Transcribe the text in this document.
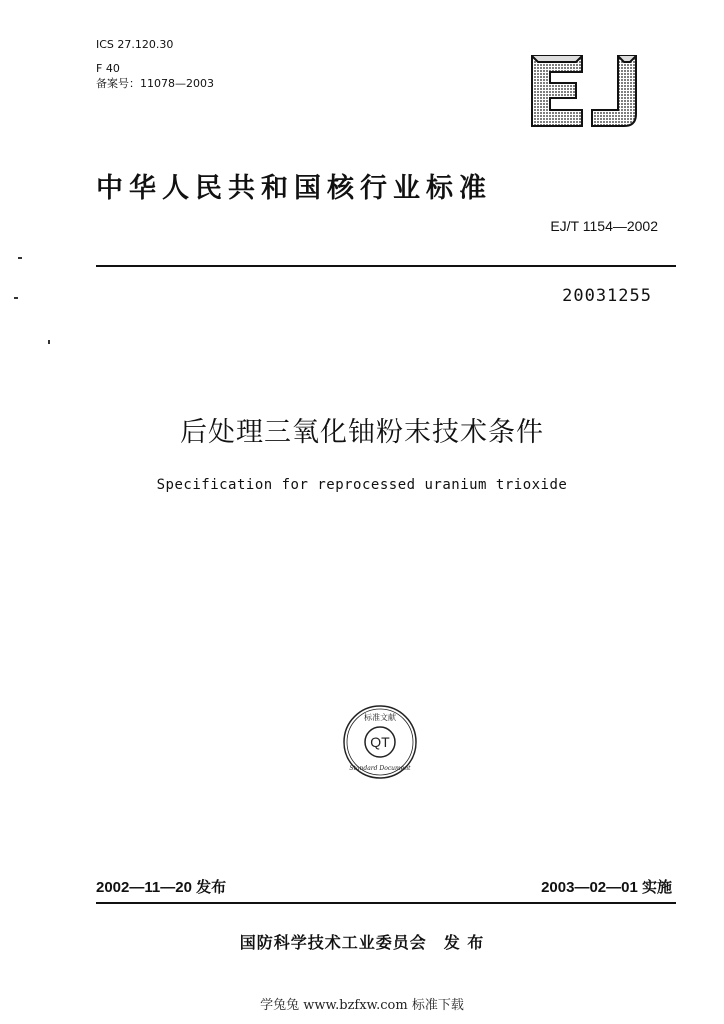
ICS 27.120.30
F 40
备案号：11078—2003
中华人民共和国核行业标准
EJ/T 1154—2002
20031255
后处理三氧化铀粉末技术条件
Specification for reprocessed uranium trioxide
QT
标准文献
Standard Document
2002—11—20 发布	2003—02—01 实施
国防科学技术工业委员会　发 布
学兔兔 www.bzfxw.com 标准下载
